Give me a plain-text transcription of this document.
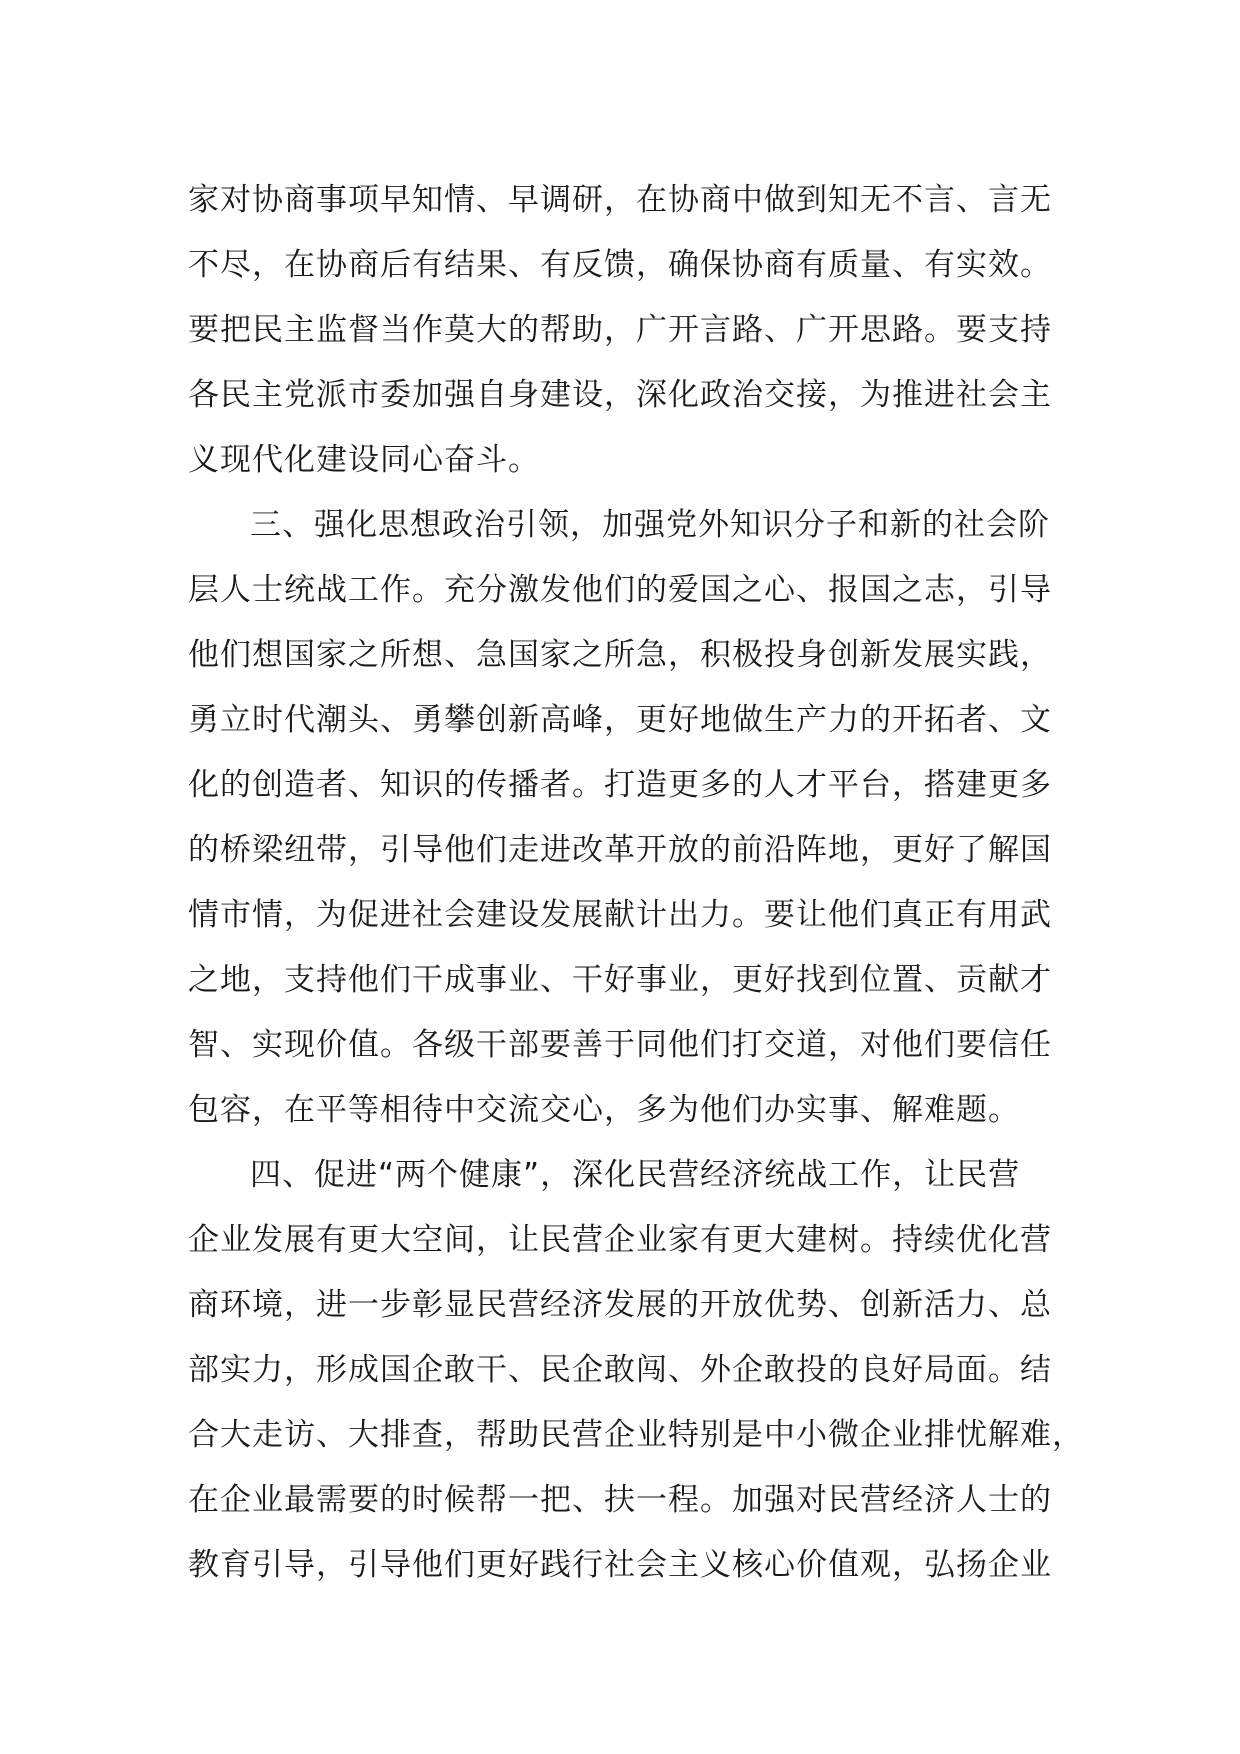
家对协商事项早知情、早调研，在协商中做到知无不言、言无
不尽，在协商后有结果、有反馈，确保协商有质量、有实效。
要把民主监督当作莫大的帮助，广开言路、广开思路。要支持
各民主党派市委加强自身建设，深化政治交接，为推进社会主
义现代化建设同心奋斗。
三、强化思想政治引领，加强党外知识分子和新的社会阶
层人士统战工作。充分激发他们的爱国之心、报国之志，引导
他们想国家之所想、急国家之所急，积极投身创新发展实践，
勇立时代潮头、勇攀创新高峰，更好地做生产力的开拓者、文
化的创造者、知识的传播者。打造更多的人才平台，搭建更多
的桥梁纽带，引导他们走进改革开放的前沿阵地，更好了解国
情市情，为促进社会建设发展献计出力。要让他们真正有用武
之地，支持他们干成事业、干好事业，更好找到位置、贡献才
智、实现价值。各级干部要善于同他们打交道，对他们要信任
包容，在平等相待中交流交心，多为他们办实事、解难题。
四、促进“两个健康”，深化民营经济统战工作，让民营
企业发展有更大空间，让民营企业家有更大建树。持续优化营
商环境，进一步彰显民营经济发展的开放优势、创新活力、总
部实力，形成国企敢干、民企敢闯、外企敢投的良好局面。结
合大走访、大排查，帮助民营企业特别是中小微企业排忧解难，
在企业最需要的时候帮一把、扶一程。加强对民营经济人士的
教育引导，引导他们更好践行社会主义核心价值观，弘扬企业
